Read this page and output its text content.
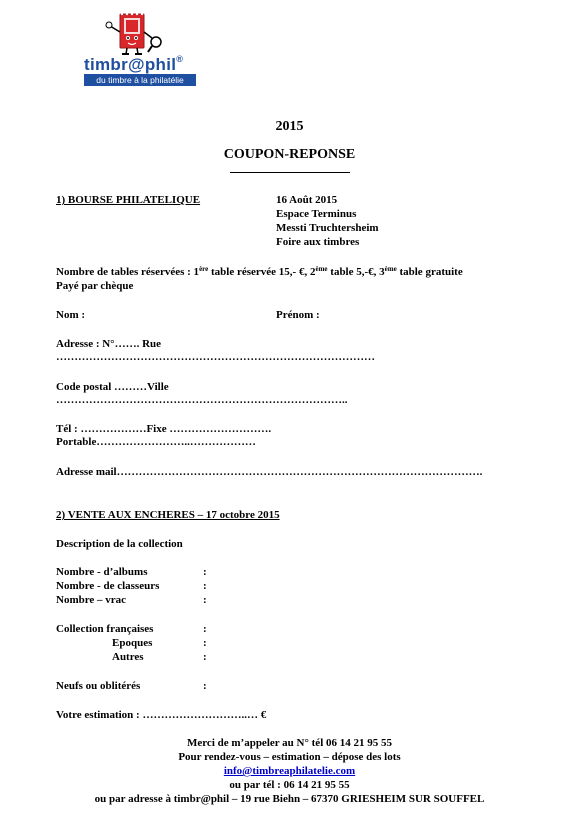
timbr@phil®
du timbre à la philatélie
2015
COUPON-REPONSE
1) BOURSE PHILATELIQUE	16 Août 2015
Espace Terminus
Messti Truchtersheim
Foire aux timbres
Nombre de tables réservées : 1ère table réservée 15,- €, 2ème table 5,-€, 3ème table gratuite
Payé par chèque
Nom :	Prénom :
Adresse : N°……. Rue
……………………………………………………………………………
Code postal ………Ville
……………………………………………………………………..
Tél : ………………Fixe ……………………….
Portable……………………..………………
Adresse mail……………………………………………………………………………………….
2) VENTE AUX ENCHERES – 17 octobre 2015
Description de la collection
Nombre - d’albums	:
Nombre - de classeurs	:
Nombre – vrac	:
Collection françaises	:
Epoques	:
Autres	:
Neufs ou oblitérés	:
Votre estimation : ………………………..… €
Merci de m’appeler au N° tél 06 14 21 95 55
Pour rendez-vous – estimation – dépose des lots
info@timbreaphilatelie.com
ou par tél : 06 14 21 95 55
ou par adresse à timbr@phil – 19 rue Biehn – 67370 GRIESHEIM SUR SOUFFEL
